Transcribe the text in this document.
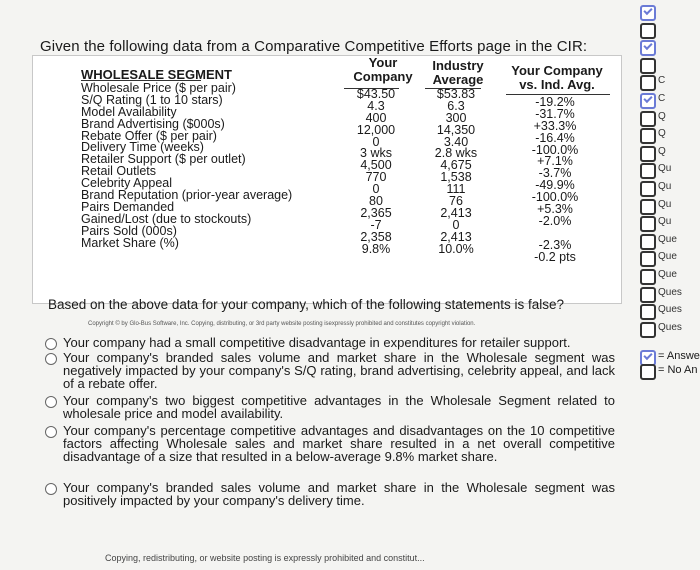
Given the following data from a Comparative Competitive Efforts page in the CIR:
WHOLESALE SEGMENT
Your Company
Industry Average
Your Company vs. Ind. Avg.
Wholesale Price ($ per pair)
S/Q Rating (1 to 10 stars)
Model Availability
Brand Advertising ($000s)
Rebate Offer ($ per pair)
Delivery Time (weeks)
Retailer Support ($ per outlet)
Retail Outlets
Celebrity Appeal
Brand Reputation (prior-year average)
Pairs Demanded
Gained/Lost (due to stockouts)
Pairs Sold (000s)
Market Share (%)
$43.50
4.3
400
12,000
0
3 wks
4,500
770
0
80
2,365
-7
2,358
9.8%
$53.83
6.3
300
14,350
3.40
2.8 wks
4,675
1,538
111
76
2,413
0
2,413
10.0%
-19.2%
-31.7%
+33.3%
-16.4%
-100.0%
+7.1%
-3.7%
-49.9%
-100.0%
+5.3%
-2.0%
-2.3%
-0.2 pts
Based on the above data for your company, which of the following statements is false?
Copyright © by Glo-Bus Software, Inc. Copying, distributing, or 3rd party website posting isexpressly prohibited and constitutes copyright violation.
Your company had a small competitive disadvantage in expenditures for retailer support.
Your company's branded sales volume and market share in the Wholesale segment was negatively impacted by your company's S/Q rating, brand advertising, celebrity appeal, and lack of a rebate offer.
Your company's two biggest competitive advantages in the Wholesale Segment related to wholesale price and model availability.
Your company's percentage competitive advantages and disadvantages on the 10 competitive factors affecting Wholesale sales and market share resulted in a net overall competitive disadvantage of a size that resulted in a below-average 9.8% market share.
Your company's branded sales volume and market share in the Wholesale segment was positively impacted by your company's delivery time.
Copying, redistributing, or website posting is expressly prohibited and constitut...
C
C
Q
Q
Q
Qu
Qu
Qu
Qu
Que
Que
Que
Ques
Ques
Ques
= Answe
= No An
